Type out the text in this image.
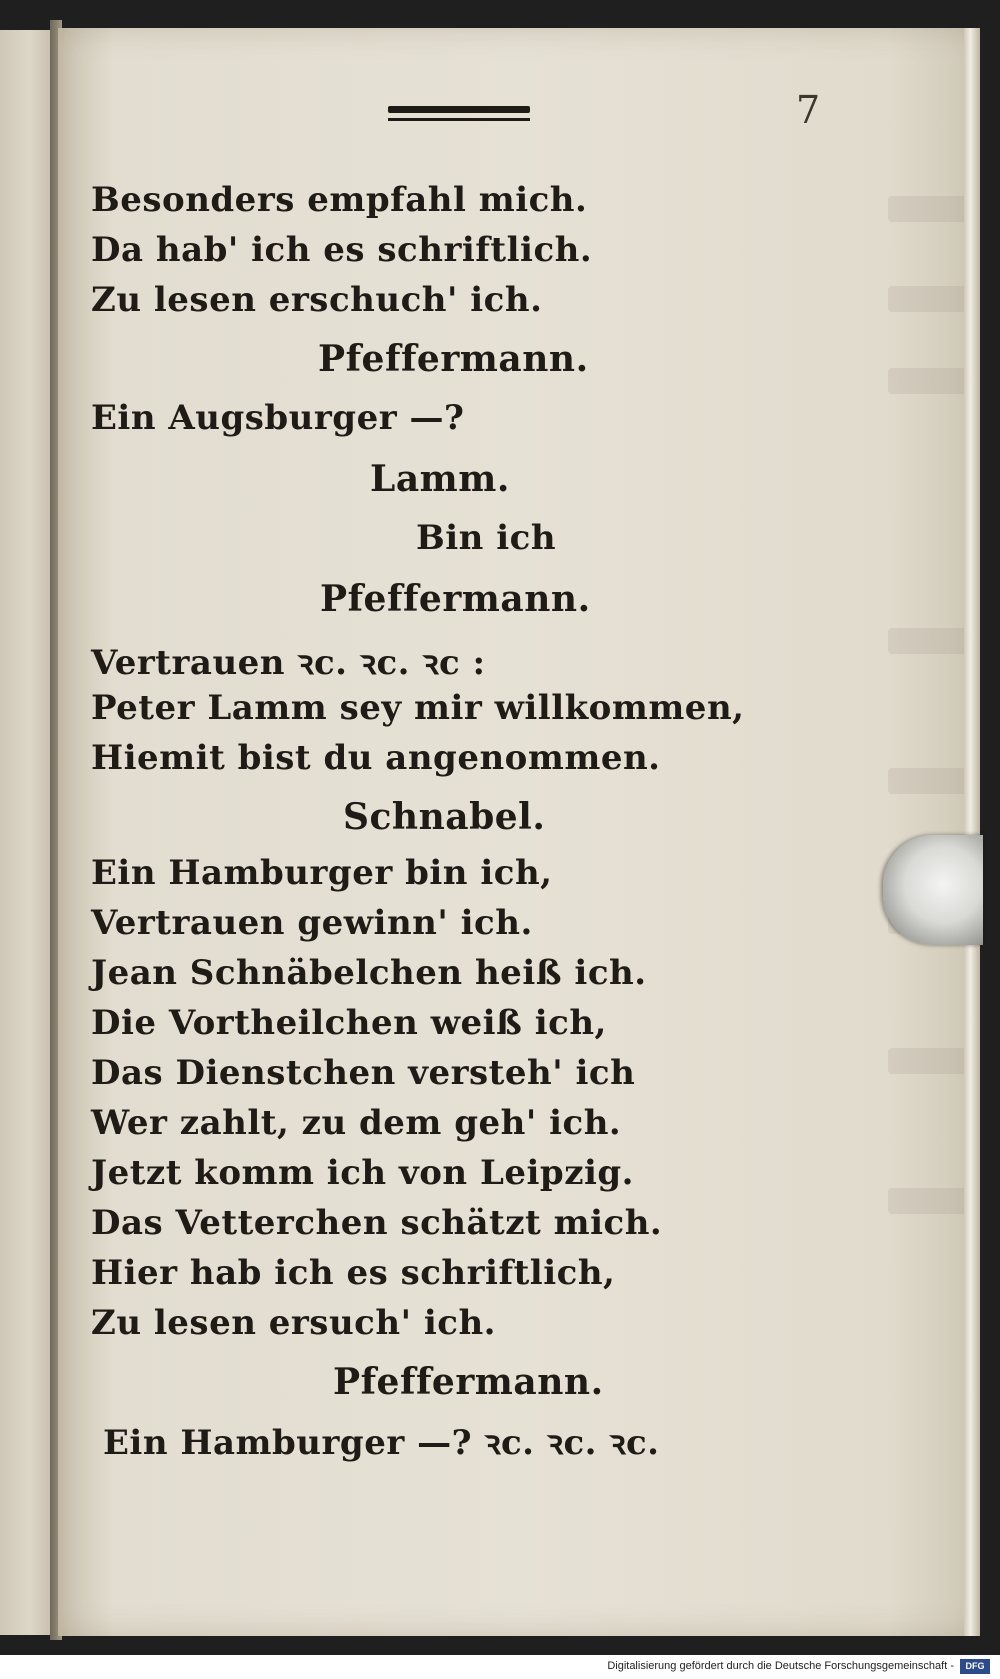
7
Besonders empfahl mich.
Da hab' ich es schriftlich.
Zu lesen erschuch' ich.
Pfeffermann.
Ein Augsburger —?
Lamm.
Bin ich
Pfeffermann.
Vertrauen ꝛc. ꝛc. ꝛc :
Peter Lamm sey mir willkommen,
Hiemit bist du angenommen.
Schnabel.
Ein Hamburger bin ich,
Vertrauen gewinn' ich.
Jean Schnäbelchen heiß ich.
Die Vortheilchen weiß ich,
Das Dienstchen versteh' ich
Wer zahlt, zu dem geh' ich.
Jetzt komm ich von Leipzig.
Das Vetterchen schätzt mich.
Hier hab ich es schriftlich,
Zu lesen ersuch' ich.
Pfeffermann.
Ein Hamburger —? ꝛc. ꝛc. ꝛc.
Digitalisierung gefördert durch die Deutsche Forschungsgemeinschaft -	DFG
